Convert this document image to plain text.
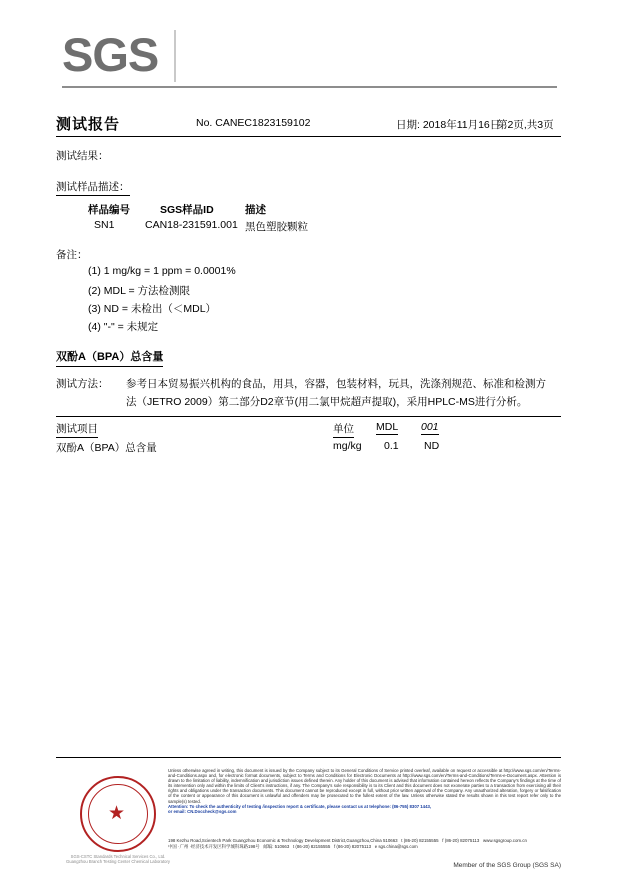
SGS
测试报告	No. CANEC1823159102	日期: 2018年11月16日
第2页,共3页
测试结果：
测试样品描述：
样品编号	SGS样品ID	描述
SN1	CAN18-231591.001 黑色塑胶颗粒
备注：
(1) 1 mg/kg = 1 ppm = 0.0001%
(2) MDL = 方法检测限
(3) ND = 未检出（＜MDL）
(4) "-" = 未规定
双酚A（BPA）总含量
测试方法： 参考日本贸易振兴机构的食品，用具，容器，包装材料，玩具，洗涤剂规范、标准和检测方
法（JETRO 2009）第二部分D2章节(用二氯甲烷超声提取)，采用HPLC-MS进行分析。
测试项目	单位 MDL 001
双酚A（BPA）总含量	mg/kg 0.1 ND
★
SGS-CSTC Standards Technical Services Co., Ltd.
Guangzhou Branch Testing Center Chemical Laboratory
Unless otherwise agreed in writing, this document is issued by the Company subject to its General Conditions of Service printed overleaf, available on request or accessible at http://www.sgs.com/en/Terms-and-Conditions.aspx and, for electronic format documents, subject to Terms and Conditions for Electronic Documents at http://www.sgs.com/en/Terms-and-Conditions/Terms-e-Document.aspx. Attention is drawn to the limitation of liability, indemnification and jurisdiction issues defined therein. Any holder of this document is advised that information contained hereon reflects the Company's findings at the time of its intervention only and within the limits of Client's instructions, if any. The Company's sole responsibility is to its Client and this document does not exonerate parties to a transaction from exercising all their rights and obligations under the transaction documents. This document cannot be reproduced except in full, without prior written approval of the Company. Any unauthorized alteration, forgery or falsification of the content or appearance of this document is unlawful and offenders may be prosecuted to the fullest extent of the law. Unless otherwise stated the results shown in this test report refer only to the sample(s) tested.
Attention: To check the authenticity of testing /inspection report & certificate, please contact us at telephone: (86-755) 8307 1443,
or email: CN.Doccheck@sgs.com
198 Kezhu Road,Scientech Park Guangzhou Economic & Technology Development District,Guangzhou,China 510663 t (86-20) 82155555 f (86-20) 82075113 www.sgsgroup.com.cn
中国 ·广州 ·经济技术开发区科学城科珠路198号 邮编: 510663 t (86-20) 82155555 f (86-20) 82075113 e sgs.china@sgs.com
Member of the SGS Group (SGS SA)
